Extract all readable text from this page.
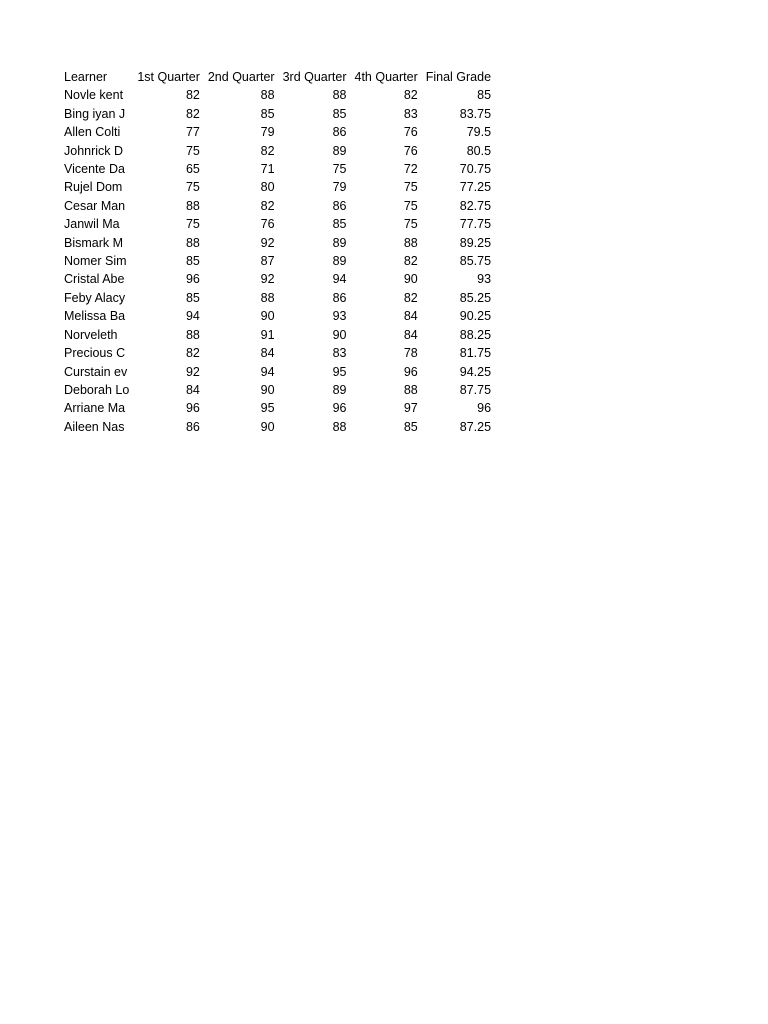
Learner	1st Quarter	2nd Quarter	3rd Quarter	4th Quarter	Final Grade
Novle kent	82	88	88	82	85
Bing iyan J	82	85	85	83	83.75
Allen Colti	77	79	86	76	79.5
Johnrick D	75	82	89	76	80.5
Vicente Da	65	71	75	72	70.75
Rujel Dom	75	80	79	75	77.25
Cesar Man	88	82	86	75	82.75
Janwil Ma	75	76	85	75	77.75
Bismark M	88	92	89	88	89.25
Nomer Sim	85	87	89	82	85.75
Cristal Abe	96	92	94	90	93
Feby Alacy	85	88	86	82	85.25
Melissa Ba	94	90	93	84	90.25
Norveleth	88	91	90	84	88.25
Precious C	82	84	83	78	81.75
Curstain ev	92	94	95	96	94.25
Deborah Lo	84	90	89	88	87.75
Arriane Ma	96	95	96	97	96
Aileen Nas	86	90	88	85	87.25
